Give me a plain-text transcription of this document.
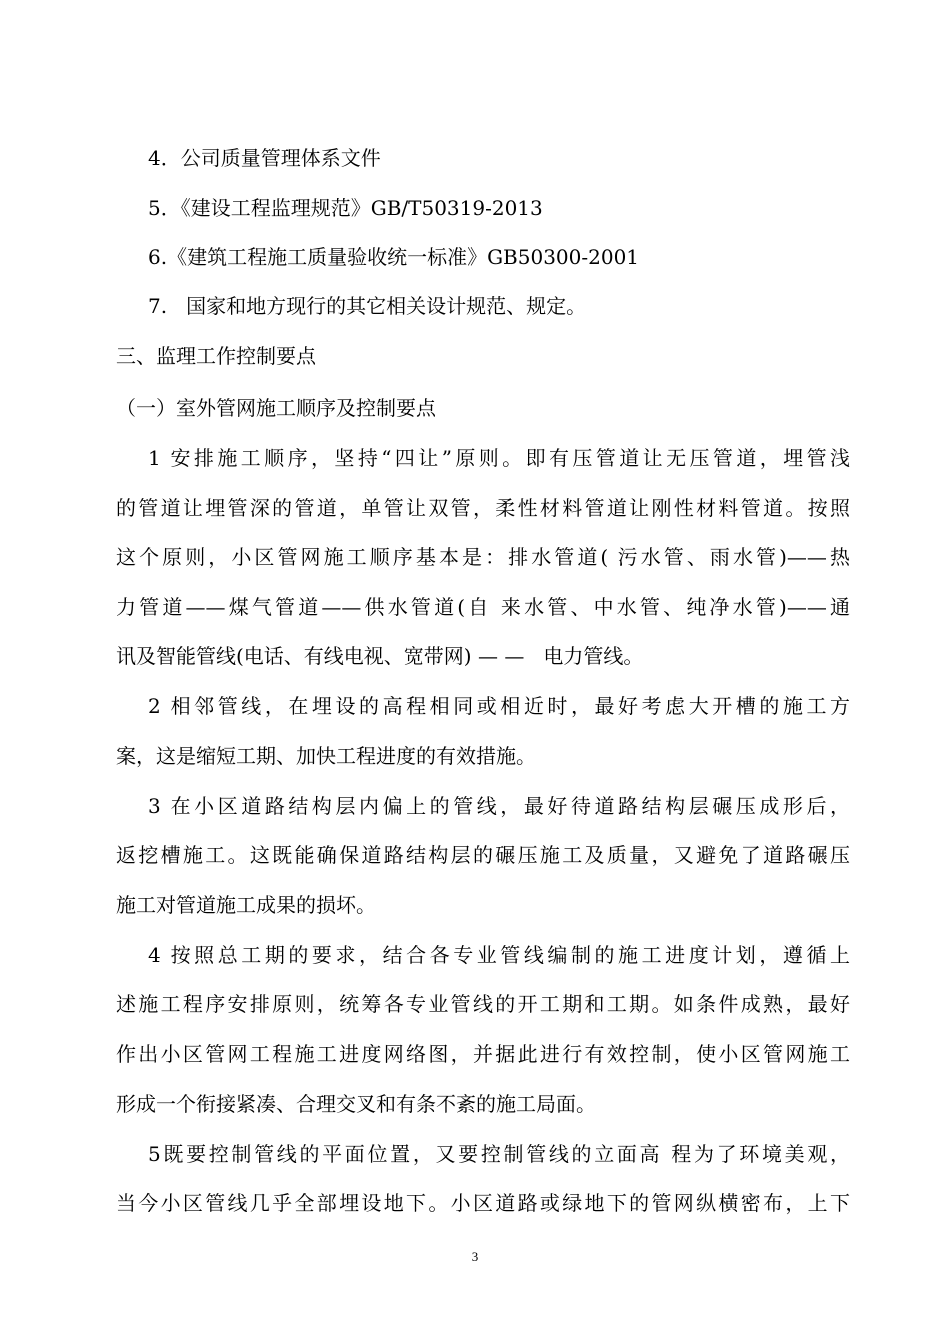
4．公司质量管理体系文件
5．《建设工程监理规范》GB/T50319-2013
6.《建筑工程施工质量验收统一标准》GB50300-2001
7.   国家和地方现行的其它相关设计规范、规定。
三、监理工作控制要点
（一）室外管网施工顺序及控制要点
1 安排施工顺序，坚持“四让”原则。即有压管道让无压管道，埋管浅
的管道让埋管深的管道，单管让双管，柔性材料管道让刚性材料管道。按照
这个原则，小区管网施工顺序基本是：排水管道( 污水管、雨水管)——热
力管道——煤气管道——供水管道(自 来水管、中水管、纯净水管)——通
讯及智能管线(电话、有线电视、宽带网) — —   电力管线。
2 相邻管线，在埋设的高程相同或相近时，最好考虑大开槽的施工方
案，这是缩短工期、加快工程进度的有效措施。
3 在小区道路结构层内偏上的管线，最好待道路结构层碾压成形后，
返挖槽施工。这既能确保道路结构层的碾压施工及质量，又避免了道路碾压
施工对管道施工成果的损坏。
4 按照总工期的要求，结合各专业管线编制的施工进度计划，遵循上
述施工程序安排原则，统筹各专业管线的开工期和工期。如条件成熟，最好
作出小区管网工程施工进度网络图，并据此进行有效控制，使小区管网施工
形成一个衔接紧凑、合理交叉和有条不紊的施工局面。
5既要控制管线的平面位置，又要控制管线的立面高 程为了环境美观，
当今小区管线几乎全部埋设地下。小区道路或绿地下的管网纵横密布，上下
3
